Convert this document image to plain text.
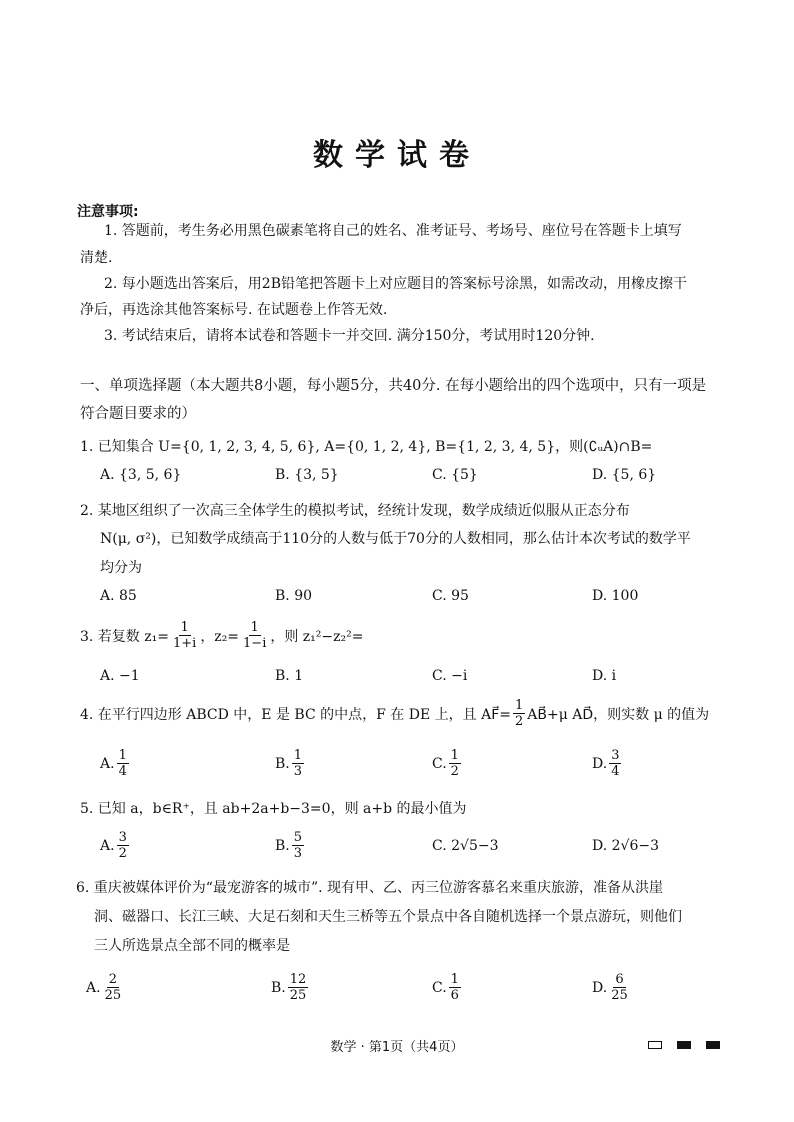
数学试卷
注意事项:
1. 答题前，考生务必用黑色碳素笔将自己的姓名、准考证号、考场号、座位号在答题卡上填写
清楚.
2. 每小题选出答案后，用2B铅笔把答题卡上对应题目的答案标号涂黑，如需改动，用橡皮擦干
净后，再选涂其他答案标号. 在试题卷上作答无效.
3. 考试结束后，请将本试卷和答题卡一并交回. 满分150分，考试用时120分钟.
一、单项选择题（本大题共8小题，每小题5分，共40分. 在每小题给出的四个选项中，只有一项是
符合题目要求的）
1. 已知集合 U={0, 1, 2, 3, 4, 5, 6}, A={0, 1, 2, 4}, B={1, 2, 3, 4, 5}，则(∁ᵤA)∩B=
A. {3, 5, 6}	B. {3, 5}	C. {5}	D. {5, 6}
2. 某地区组织了一次高三全体学生的模拟考试，经统计发现，数学成绩近似服从正态分布
N(μ, σ²)，已知数学成绩高于110分的人数与低于70分的人数相同，那么估计本次考试的数学平
均分为
A. 85	B. 90	C. 95	D. 100
3. 若复数 $z_1= \frac{1}{1+i}$ ，$z_2= \frac{1}{1-i}$ ，则 z₁²−z₂²=
A. −1	B. 1	C. −i	D. i
4. 在平行四边形 ABCD 中，E 是 BC 的中点，F 在 DE 上，且 AF⃗= $\frac{1}{2}$ AB⃗+μ AD⃗，则实数 μ 的值为
A. $\frac{1}{4}$	B. $\frac{1}{3}$	C. $\frac{1}{2}$	D. $\frac{3}{4}$
5. 已知 a，b∈R⁺，且 ab+2a+b−3=0，则 a+b 的最小值为
A. $\frac{3}{2}$	B. $\frac{5}{3}$	C. 2√5−3	D. 2√6−3
6. 重庆被媒体评价为“最宠游客的城市”. 现有甲、乙、丙三位游客慕名来重庆旅游，准备从洪崖
洞、磁器口、长江三峡、大足石刻和天生三桥等五个景点中各自随机选择一个景点游玩，则他们
三人所选景点全部不同的概率是
A. $\frac{2}{25}$	B. $\frac{12}{25}$	C. $\frac{1}{6}$	D. $\frac{6}{25}$
数学 · 第1页（共4页）
